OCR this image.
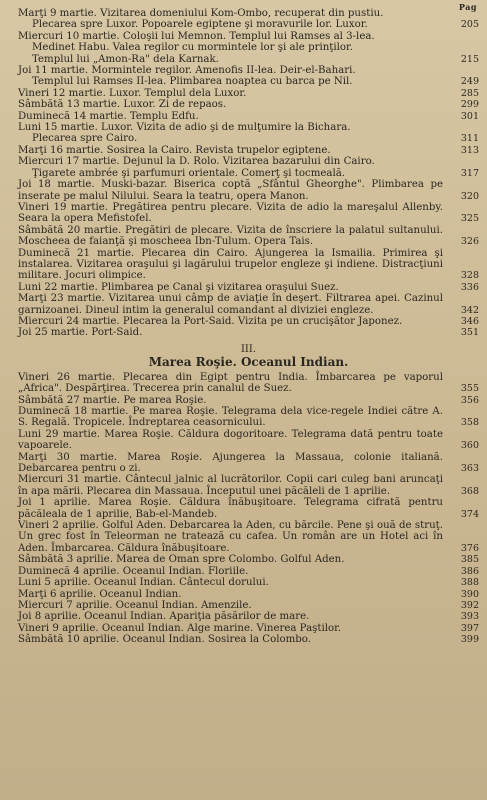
Pag
Marţi 9 martie. Vizitarea domeniului Kom-Ombo, recuperat din pustiu.
Plecarea spre Luxor. Popoarele egiptene şi moravurile lor. Luxor.	205
Miercuri 10 martie. Coloşii lui Memnon. Templul lui Ramses al 3-lea.
Medinet Habu. Valea regilor cu mormintele lor şi ale prinţilor.
Templul lui „Amon-Ra" dela Karnak.	215
Joi 11 martie. Mormintele regilor. Amenofis II-lea. Deir-el-Bahari.
Templul lui Ramses II-lea. Plimbarea noaptea cu barca pe Nil.	249
Vineri 12 martie. Luxor. Templul dela Luxor.	285
Sâmbătă 13 martie. Luxor. Zi de repaos.	299
Duminecă 14 martie. Templu Edfu.	301
Luni 15 martie. Luxor. Vizita de adio şi de mulţumire la Bichara.
Plecarea spre Cairo.	311
Marţi 16 martie. Sosirea la Cairo. Revista trupelor egiptene.	313
Miercuri 17 martie. Dejunul la D. Rolo. Vizitarea bazarului din Cairo.
Ţigarete ambrée şi parfumuri orientale. Comerţ şi tocmeală.	317
Joi 18 martie. Muski-bazar. Biserica coptă „Sfântul Gheorghe". Plimbarea pe inserate pe malul Nilului. Seara la teatru, opera Manon.	320
Vineri 19 martie. Pregătirea pentru plecare. Vizita de adio la mareşalul Allenby. Seara la opera Mefistofel.	325
Sâmbătă 20 martie. Pregătiri de plecare. Vizita de înscriere la palatul sultanului. Moscheea de faianţă şi moscheea Ibn-Tulum. Opera Tais.	326
Duminecă 21 martie. Plecarea din Cairo. Ajungerea la Ismailia. Primirea şi instalarea. Vizitarea oraşului şi lagărului trupelor engleze şi indiene. Distracţiuni militare. Jocuri olimpice.	328
Luni 22 martie. Plimbarea pe Canal şi vizitarea oraşului Suez.	336
Marţi 23 martie. Vizitarea unui câmp de aviaţie în deşert. Filtrarea apei. Cazinul garnizoanei. Dineul intim la generalul comandant al diviziei engleze.	342
Miercuri 24 martie. Plecarea la Port-Said. Vizita pe un crucişător Japonez.	346
Joi 25 martie. Port-Said.	351
III.
Marea Roşie. Oceanul Indian.
Vineri 26 martie. Plecarea din Egipt pentru India. Îmbarcarea pe vaporul „Africa". Despărţirea. Trecerea prin canalul de Suez.	355
Sâmbătă 27 martie. Pe marea Roşie.	356
Duminecă 18 martie. Pe marea Roşie. Telegrama dela vice-regele Indiei către A. S. Regală. Tropicele. Îndreptarea ceasornicului.	358
Luni 29 martie. Marea Roşie. Căldura dogoritoare. Telegrama dată pentru toate vapoarele.	360
Marţi 30 martie. Marea Roşie. Ajungerea la Massaua, colonie italiană. Debarcarea pentru o zi.	363
Miercuri 31 martie. Cântecul jalnic al lucrătorilor. Copii cari culeg bani aruncaţi în apa mării. Plecarea din Massaua. Începutul unei păcăleli de 1 aprilie.	368
Joi 1 aprilie. Marea Roşie. Căldura înăbuşitoare. Telegrama cifrată pentru păcăleala de 1 aprilie, Bab-el-Mandeb.	374
Vineri 2 aprilie. Golful Aden. Debarcarea la Aden, cu bărcile. Pene şi ouă de struţ. Un grec fost în Teleorman ne tratează cu cafea. Un român are un Hotel aci în Aden. Îmbarcarea. Căldura înăbuşitoare.	376
Sâmbătă 3 aprilie. Marea de Oman spre Colombo. Golful Aden.	385
Duminecă 4 aprilie. Oceanul Indian. Floriile.	386
Luni 5 aprilie. Oceanul Indian. Cântecul dorului.	388
Marţi 6 aprilie. Oceanul Indian.	390
Miercuri 7 aprilie. Oceanul Indian. Amenzile.	392
Joi 8 aprilie. Oceanul Indian. Apariţia păsărilor de mare.	393
Vineri 9 aprilie. Oceanul Indian. Alge marine. Vinerea Paştilor.	397
Sâmbătă 10 aprilie. Oceanul Indian. Sosirea la Colombo.	399
